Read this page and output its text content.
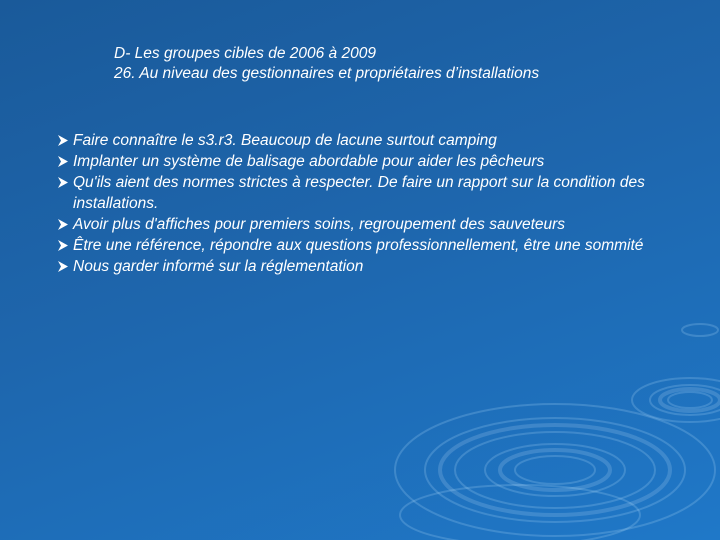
D- Les groupes cibles de 2006 à 2009
26. Au niveau des gestionnaires et propriétaires d’installations
Faire connaître le s3.r3. Beaucoup de lacune surtout camping
Implanter un système de balisage abordable pour aider les pêcheurs
Qu'ils aient des normes strictes à respecter. De faire un rapport sur la condition des installations.
Avoir plus d'affiches pour premiers soins, regroupement des sauveteurs
Être une référence, répondre aux questions professionnellement, être une sommité
Nous garder informé sur la réglementation
